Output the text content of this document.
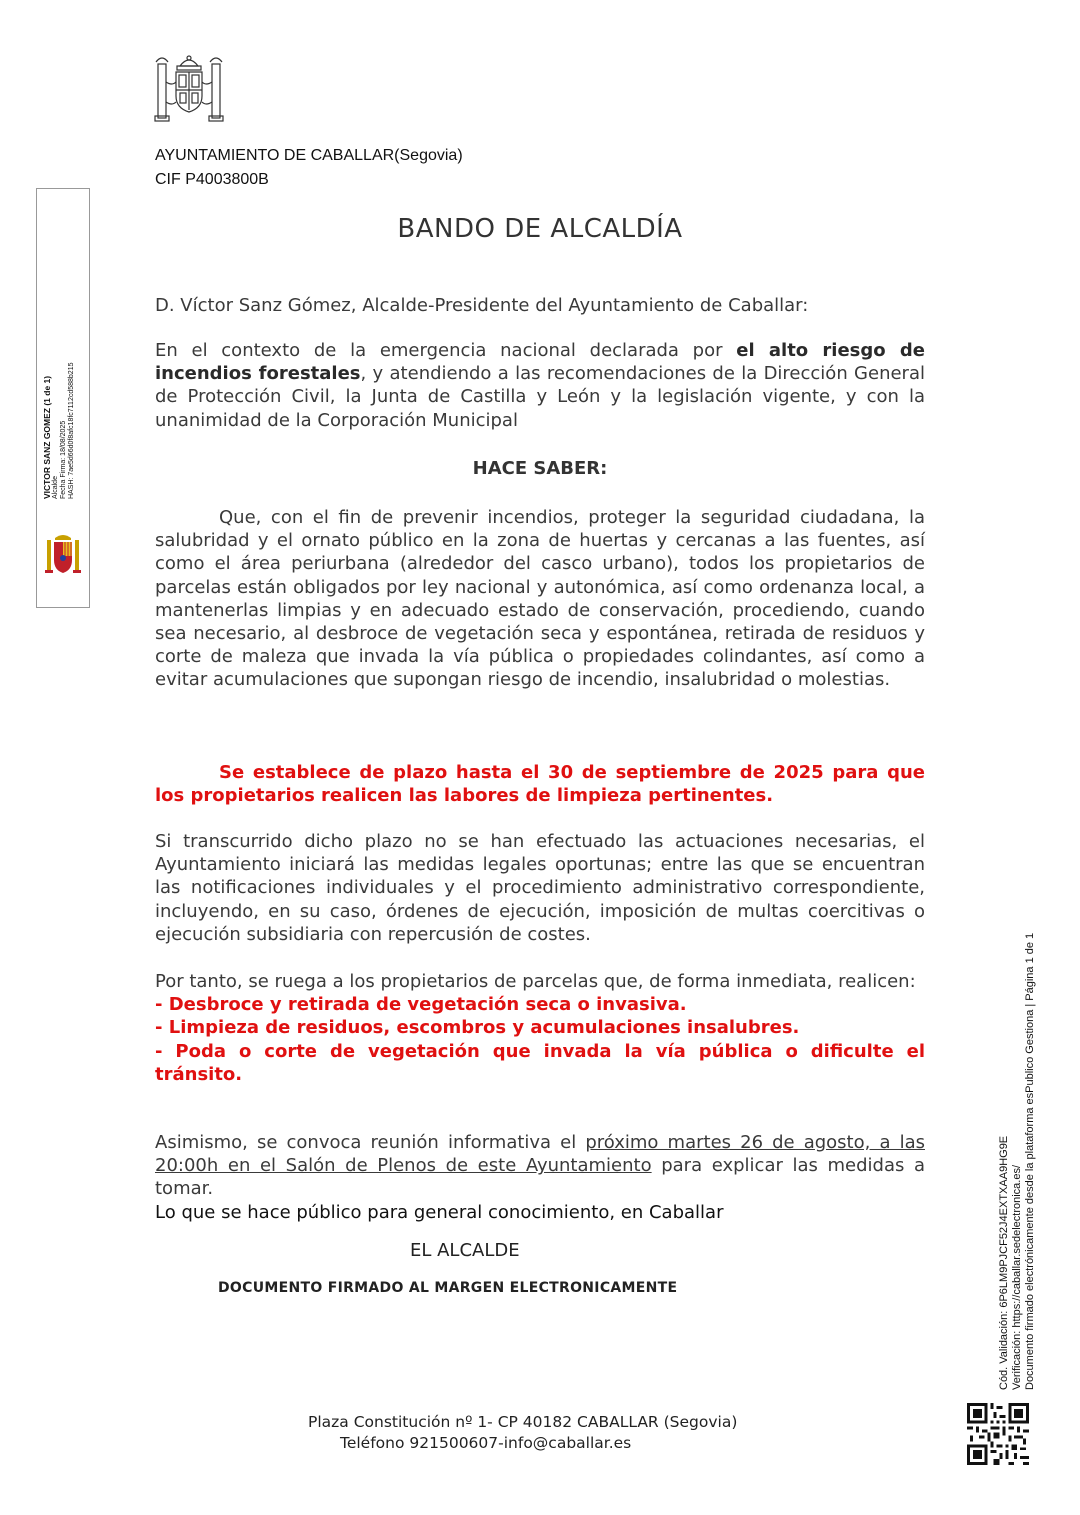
AYUNTAMIENTO DE CABALLAR(Segovia)
CIF P4003800B
BANDO DE ALCALDÍA
D. Víctor Sanz Gómez, Alcalde-Presidente del Ayuntamiento de Caballar:
En el contexto de la emergencia nacional declarada por el alto riesgo de incendios forestales, y atendiendo a las recomendaciones de la Dirección General de Protección Civil, la Junta de Castilla y León y la legislación vigente, y con la unanimidad de la Corporación Municipal
HACE SABER:
Que, con el fin de prevenir incendios, proteger la seguridad ciudadana, la salubridad y el ornato público en la zona de huertas y cercanas a las fuentes, así como el área periurbana (alrededor del casco urbano), todos los propietarios de parcelas están obligados por ley nacional y autonómica, así como ordenanza local, a mantenerlas limpias y en adecuado estado de conservación, procediendo, cuando sea necesario, al desbroce de vegetación seca y espontánea, retirada de residuos y corte de maleza que invada la vía pública o propiedades colindantes, así como a evitar acumulaciones que supongan riesgo de incendio, insalubridad o molestias.
Se establece de plazo hasta el 30 de septiembre de 2025 para que los propietarios realicen las labores de limpieza pertinentes.
Si transcurrido dicho plazo no se han efectuado las actuaciones necesarias, el Ayuntamiento iniciará las medidas legales oportunas; entre las que se encuentran las notificaciones individuales y el procedimiento administrativo correspondiente, incluyendo, en su caso, órdenes de ejecución, imposición de multas coercitivas o ejecución subsidiaria con repercusión de costes.
Por tanto, se ruega a los propietarios de parcelas que, de forma inmediata, realicen:
- Desbroce y retirada de vegetación seca o invasiva.
- Limpieza de residuos, escombros y acumulaciones insalubres.
- Poda o corte de vegetación que invada la vía pública o dificulte el tránsito.
Asimismo, se convoca reunión informativa el próximo martes 26 de agosto, a las 20:00h en el Salón de Plenos de este Ayuntamiento para explicar las medidas a tomar.
Lo que se hace público para general conocimiento, en Caballar
EL ALCALDE
DOCUMENTO FIRMADO AL MARGEN ELECTRONICAMENTE
Plaza Constitución nº 1- CP 40182 CABALLAR (Segovia)
Teléfono 921500607-info@caballar.es
VICTOR SANZ GOMEZ (1 de 1) Alcalde Fecha Firma: 18/08/2025 HASH: 7ae5d66d0f8afc18fc7112cd588b215
Cód. Validación: 6P6LM9PJCF52J4EXTXAA9HG9E Verificación: https://caballar.sedelectronica.es/ Documento firmado electrónicamente desde la plataforma esPublico Gestiona | Página 1 de 1
